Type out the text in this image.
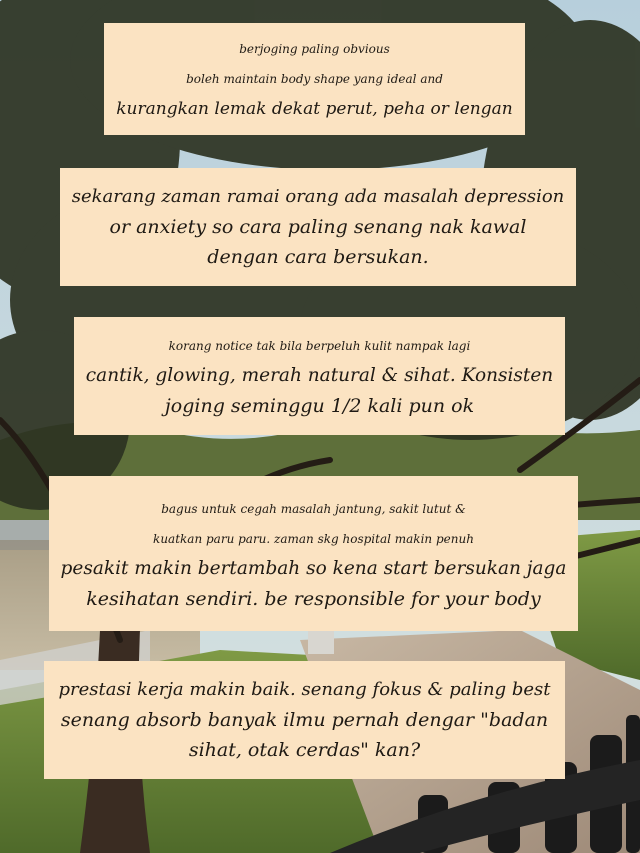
berjoging paling obvious
boleh maintain body shape yang ideal and
kurangkan lemak dekat perut, peha or lengan
sekarang zaman ramai orang ada masalah depression
or anxiety so cara paling senang nak kawal
dengan cara bersukan.
korang notice tak bila berpeluh kulit nampak lagi
cantik, glowing, merah natural & sihat. Konsisten
joging seminggu 1/2 kali pun ok
bagus untuk cegah masalah jantung, sakit lutut &
kuatkan paru paru. zaman skg hospital makin penuh
pesakit makin bertambah so kena start bersukan jaga
kesihatan sendiri. be responsible for your body
prestasi kerja makin baik. senang fokus & paling best
senang absorb banyak ilmu pernah dengar "badan
sihat, otak cerdas" kan?
